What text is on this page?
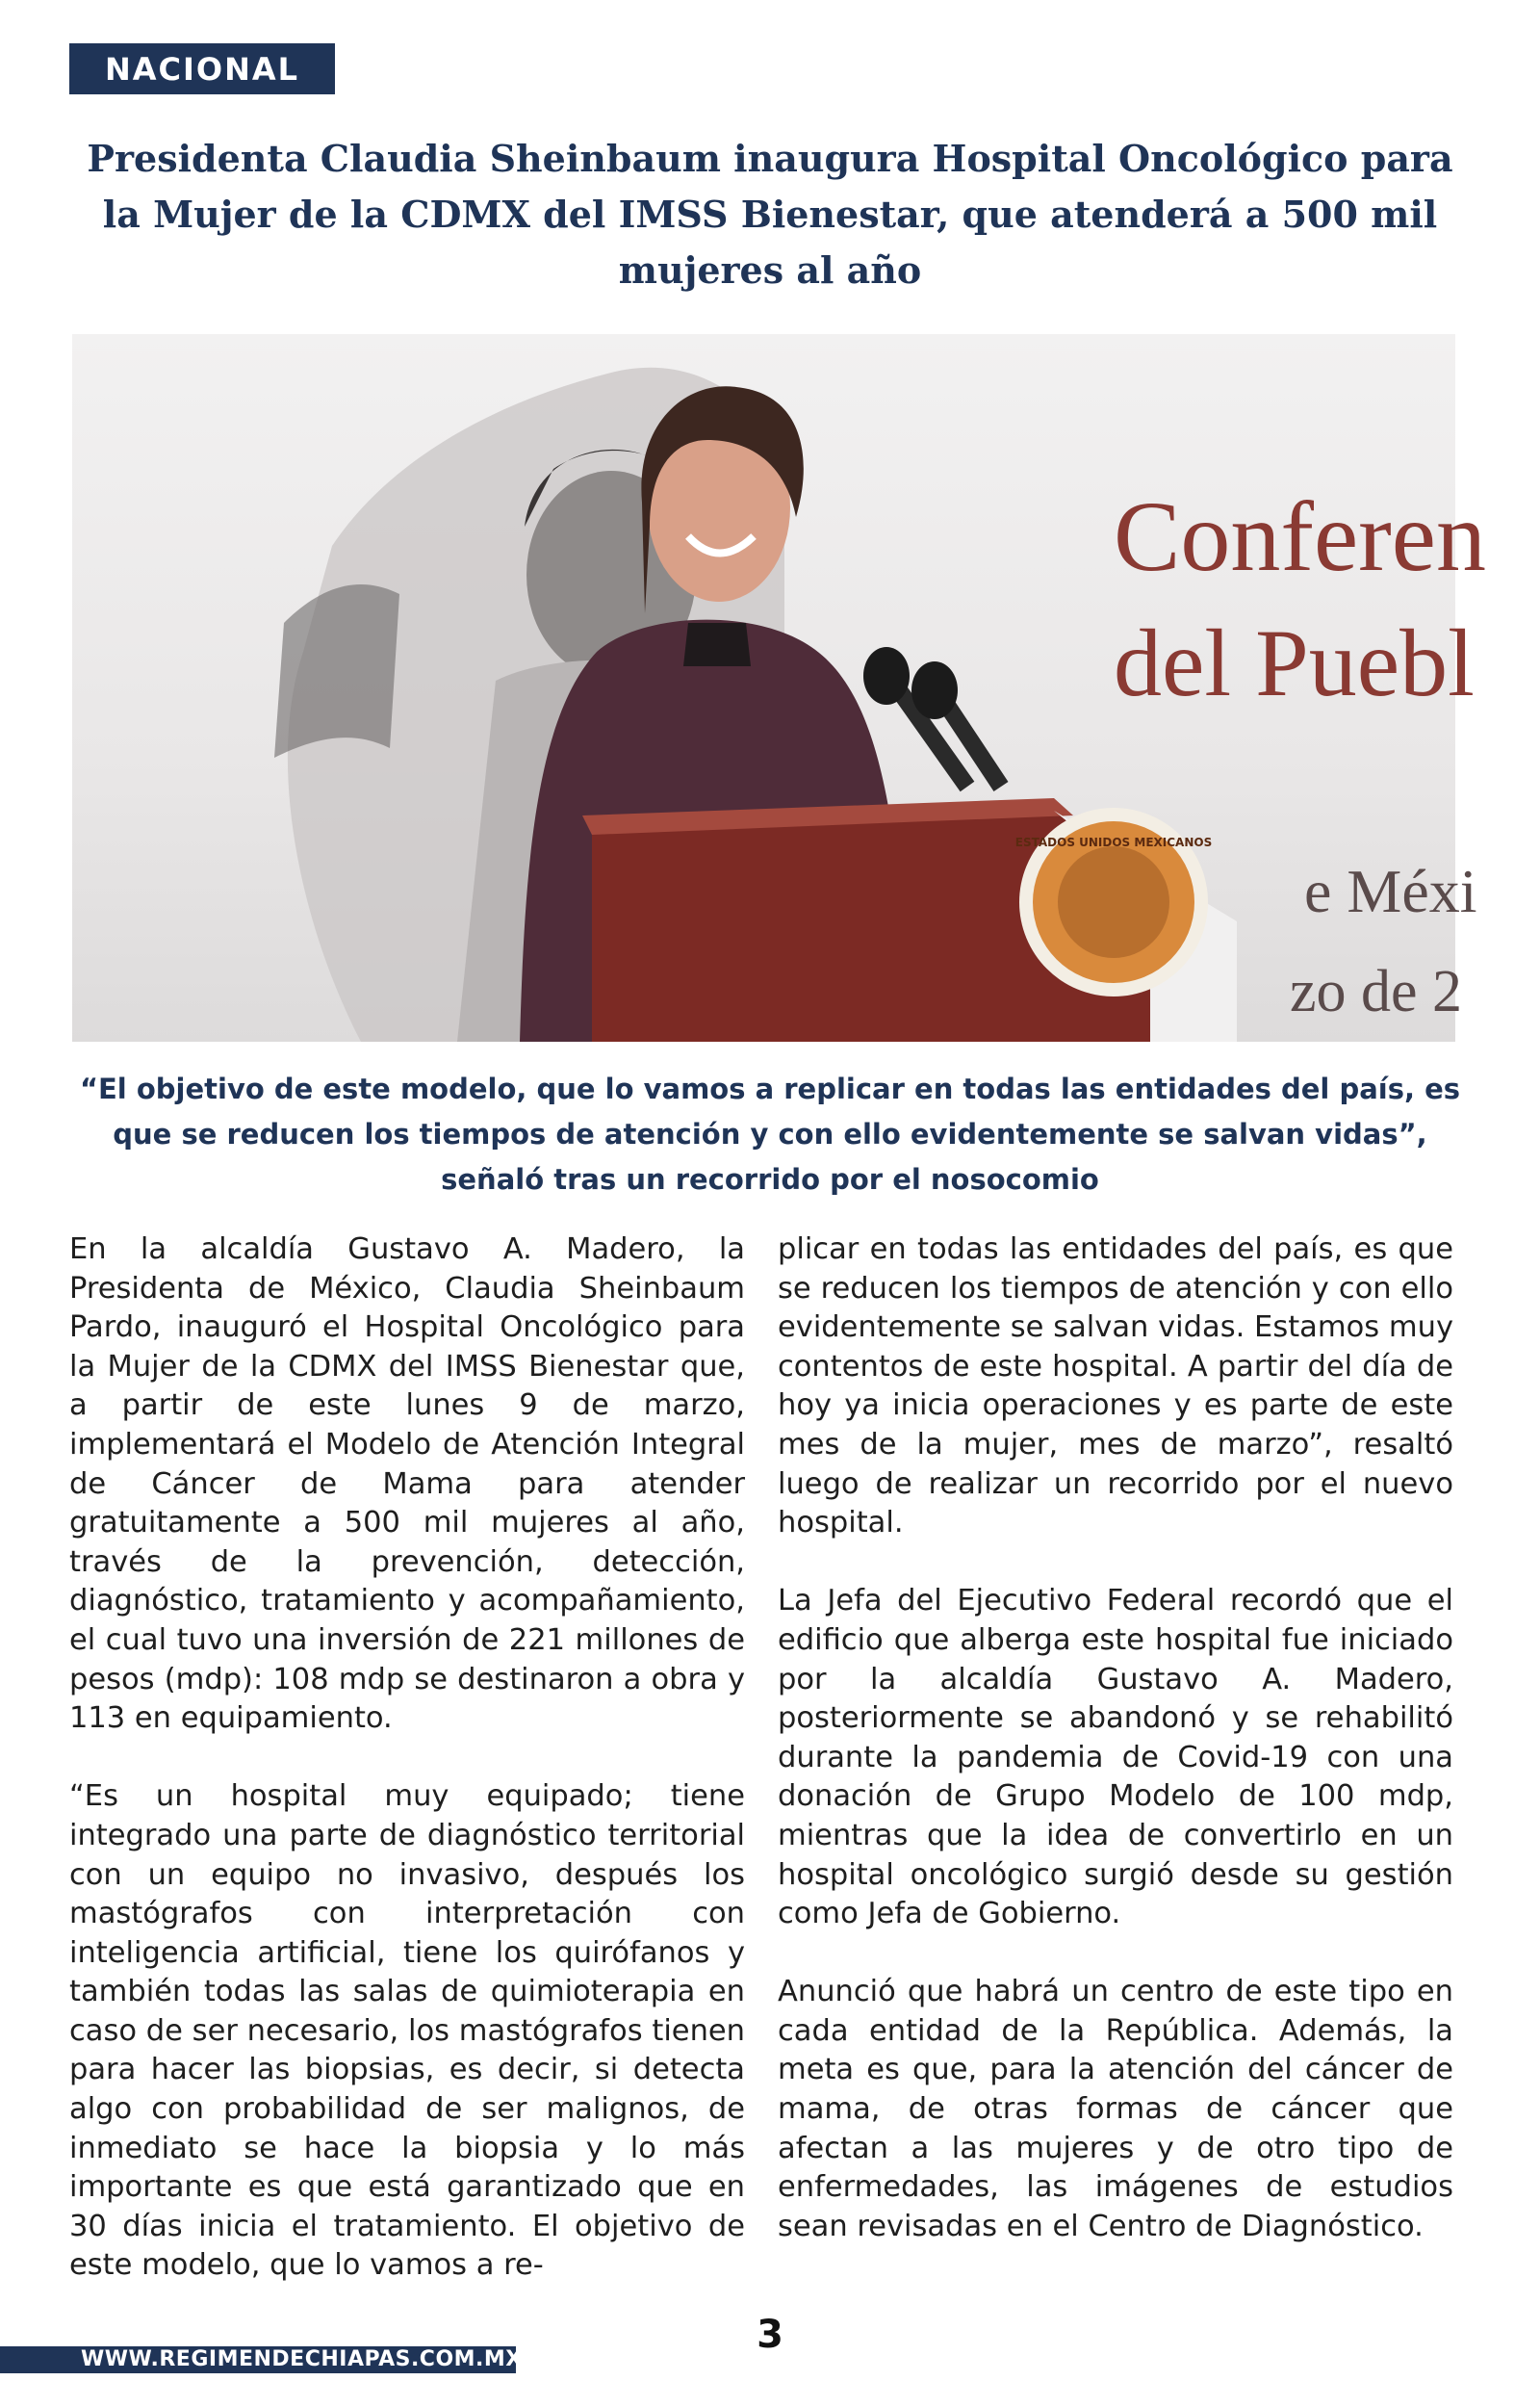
NACIONAL
Presidenta Claudia Sheinbaum inaugura Hospital Oncológico para la Mujer de la CDMX del IMSS Bienestar, que atenderá a 500 mil mujeres al año
Conferen
del Puebl
e Méxi
zo de 2
ESTADOS UNIDOS MEXICANOS

“El objetivo de este modelo, que lo vamos a replicar en todas las entidades del país, es que se reducen los tiempos de atención y con ello evidentemente se salvan vidas”, señaló tras un recorrido por el nosocomio

En la alcaldía Gustavo A. Madero, la Presidenta de México, Claudia Sheinbaum Pardo, inauguró el Hospital Oncológico para la Mujer de la CDMX del IMSS Bienestar que, a partir de este lunes 9 de marzo, implementará el Modelo de Atención Integral de Cáncer de Mama para atender gratuitamente a 500 mil mujeres al año, través de la prevención, detección, diagnóstico, tratamiento y acompañamiento, el cual tuvo una inversión de 221 millones de pesos (mdp): 108 mdp se destinaron a obra y 113 en equipamiento.

“Es un hospital muy equipado; tiene integrado una parte de diagnóstico territorial con un equipo no invasivo, después los mastógrafos con interpretación con inteligencia artificial, tiene los quirófanos y también todas las salas de quimioterapia en caso de ser necesario, los mastógrafos tienen para hacer las biopsias, es decir, si detecta algo con probabilidad de ser malignos, de inmediato se hace la biopsia y lo más importante es que está garantizado que en 30 días inicia el tratamiento. El objetivo de este modelo, que lo vamos a re-

plicar en todas las entidades del país, es que se reducen los tiempos de atención y con ello evidentemente se salvan vidas. Estamos muy contentos de este hospital. A partir del día de hoy ya inicia operaciones y es parte de este mes de la mujer, mes de marzo”, resaltó luego de realizar un recorrido por el nuevo hospital.

La Jefa del Ejecutivo Federal recordó que el edificio que alberga este hospital fue iniciado por la alcaldía Gustavo A. Madero, posteriormente se abandonó y se rehabilitó durante la pandemia de Covid-19 con una donación de Grupo Modelo de 100 mdp, mientras que la idea de convertirlo en un hospital oncológico surgió desde su gestión como Jefa de Gobierno.

Anunció que habrá un centro de este tipo en cada entidad de la República. Además, la meta es que, para la atención del cáncer de mama, de otras formas de cáncer que afectan a las mujeres y de otro tipo de enfermedades, las imágenes de estudios sean revisadas en el Centro de Diagnóstico.

WWW.REGIMENDECHIAPAS.COM.MX
3
